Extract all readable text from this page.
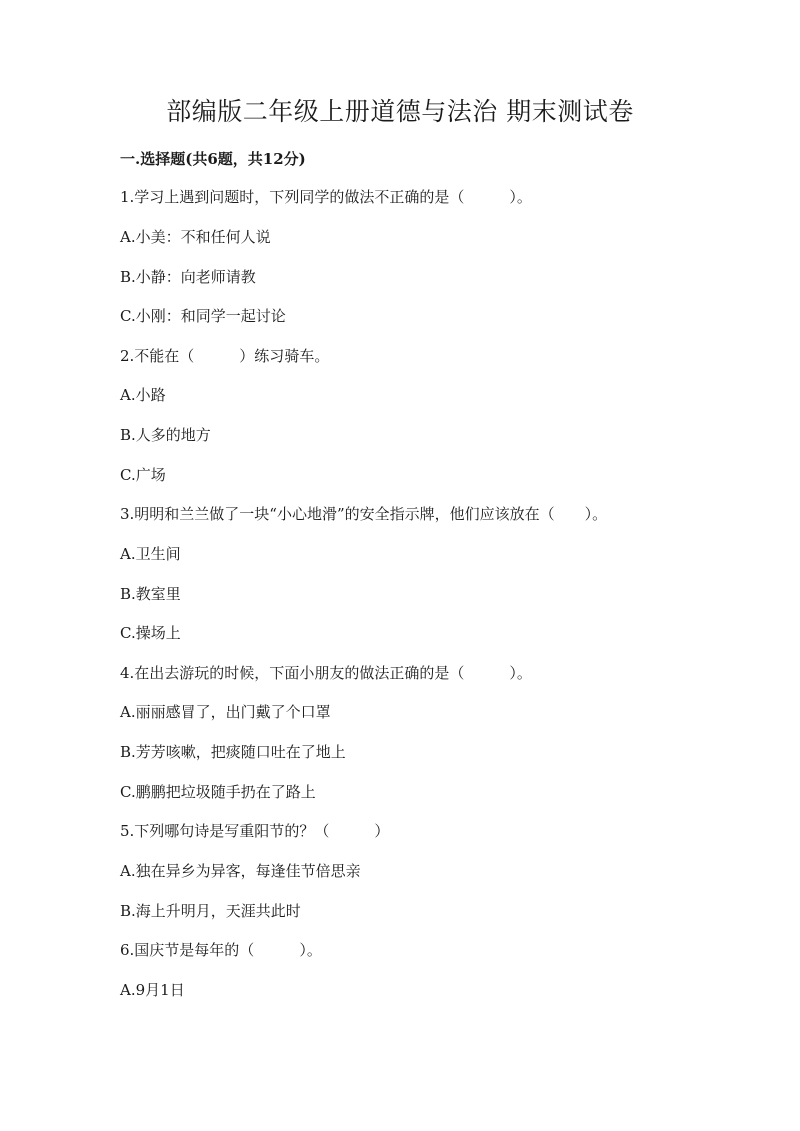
部编版二年级上册道德与法治 期末测试卷
一.选择题(共6题，共12分)
1.学习上遇到问题时，下列同学的做法不正确的是（　　　）。
A.小美：不和任何人说
B.小静：向老师请教
C.小刚：和同学一起讨论
2.不能在（　　　）练习骑车。
A.小路
B.人多的地方
C.广场
3.明明和兰兰做了一块“小心地滑”的安全指示牌，他们应该放在（　　）。
A.卫生间
B.教室里
C.操场上
4.在出去游玩的时候，下面小朋友的做法正确的是（　　　）。
A.丽丽感冒了，出门戴了个口罩
B.芳芳咳嗽，把痰随口吐在了地上
C.鹏鹏把垃圾随手扔在了路上
5.下列哪句诗是写重阳节的？（　　　）
A.独在异乡为异客，每逢佳节倍思亲
B.海上升明月，天涯共此时
6.国庆节是每年的（　　　）。
A.9月1日
